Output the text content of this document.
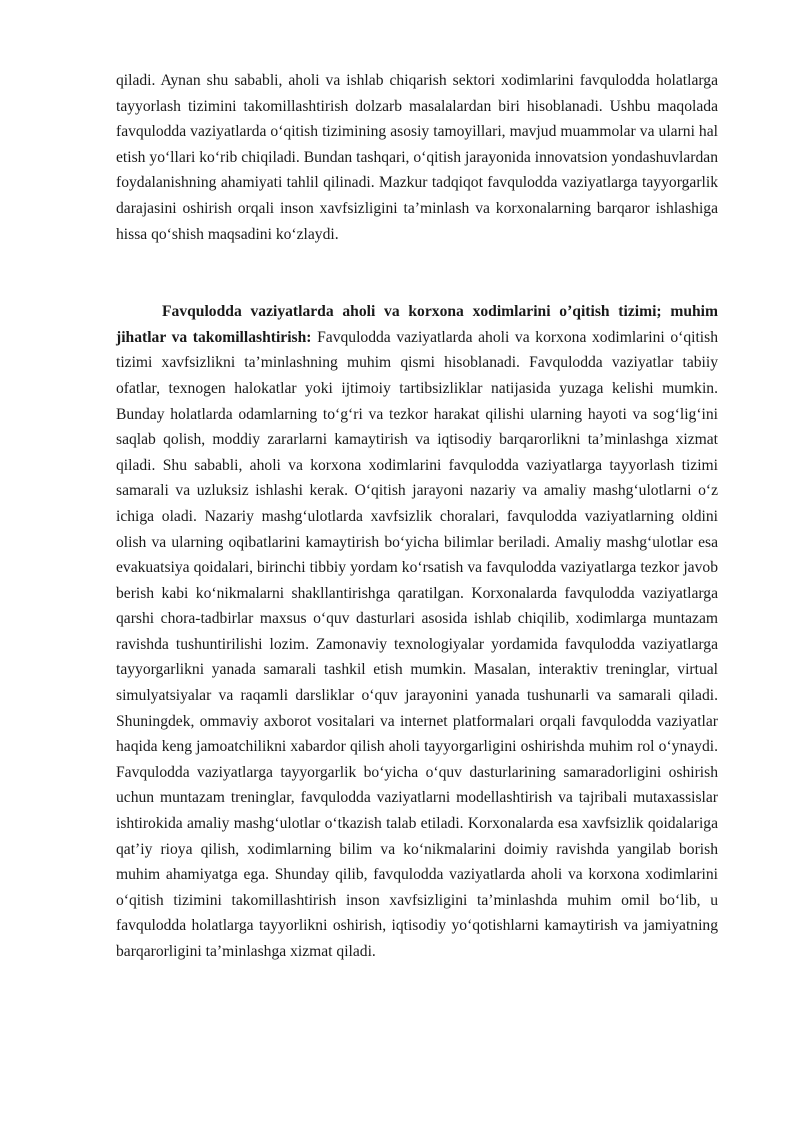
qiladi. Aynan shu sababli, aholi va ishlab chiqarish sektori xodimlarini favqulodda holatlarga tayyorlash tizimini takomillashtirish dolzarb masalalardan biri hisoblanadi. Ushbu maqolada favqulodda vaziyatlarda o‘qitish tizimining asosiy tamoyillari, mavjud muammolar va ularni hal etish yo‘llari ko‘rib chiqiladi. Bundan tashqari, o‘qitish jarayonida innovatsion yondashuvlardan foydalanishning ahamiyati tahlil qilinadi. Mazkur tadqiqot favqulodda vaziyatlarga tayyorgarlik darajasini oshirish orqali inson xavfsizligini ta’minlash va korxonalarning barqaror ishlashiga hissa qo‘shish maqsadini ko‘zlaydi.

Favqulodda vaziyatlarda aholi va korxona xodimlarini o’qitish tizimi; muhim jihatlar va takomillashtirish: Favqulodda vaziyatlarda aholi va korxona xodimlarini o‘qitish tizimi xavfsizlikni ta’minlashning muhim qismi hisoblanadi. Favqulodda vaziyatlar tabiiy ofatlar, texnogen halokatlar yoki ijtimoiy tartibsizliklar natijasida yuzaga kelishi mumkin. Bunday holatlarda odamlarning to‘g‘ri va tezkor harakat qilishi ularning hayoti va sog‘lig‘ini saqlab qolish, moddiy zararlarni kamaytirish va iqtisodiy barqarorlikni ta’minlashga xizmat qiladi. Shu sababli, aholi va korxona xodimlarini favqulodda vaziyatlarga tayyorlash tizimi samarali va uzluksiz ishlashi kerak. O‘qitish jarayoni nazariy va amaliy mashg‘ulotlarni o‘z ichiga oladi. Nazariy mashg‘ulotlarda xavfsizlik choralari, favqulodda vaziyatlarning oldini olish va ularning oqibatlarini kamaytirish bo‘yicha bilimlar beriladi. Amaliy mashg‘ulotlar esa evakuatsiya qoidalari, birinchi tibbiy yordam ko‘rsatish va favqulodda vaziyatlarga tezkor javob berish kabi ko‘nikmalarni shakllantirishga qaratilgan. Korxonalarda favqulodda vaziyatlarga qarshi chora-tadbirlar maxsus o‘quv dasturlari asosida ishlab chiqilib, xodimlarga muntazam ravishda tushuntirilishi lozim. Zamonaviy texnologiyalar yordamida favqulodda vaziyatlarga tayyorgarlikni yanada samarali tashkil etish mumkin. Masalan, interaktiv treninglar, virtual simulyatsiyalar va raqamli darsliklar o‘quv jarayonini yanada tushunarli va samarali qiladi. Shuningdek, ommaviy axborot vositalari va internet platformalari orqali favqulodda vaziyatlar haqida keng jamoatchilikni xabardor qilish aholi tayyorgarligini oshirishda muhim rol o‘ynaydi. Favqulodda vaziyatlarga tayyorgarlik bo‘yicha o‘quv dasturlarining samaradorligini oshirish uchun muntazam treninglar, favqulodda vaziyatlarni modellashtirish va tajribali mutaxassislar ishtirokida amaliy mashg‘ulotlar o‘tkazish talab etiladi. Korxonalarda esa xavfsizlik qoidalariga qat’iy rioya qilish, xodimlarning bilim va ko‘nikmalarini doimiy ravishda yangilab borish muhim ahamiyatga ega. Shunday qilib, favqulodda vaziyatlarda aholi va korxona xodimlarini o‘qitish tizimini takomillashtirish inson xavfsizligini ta’minlashda muhim omil bo‘lib, u favqulodda holatlarga tayyorlikni oshirish, iqtisodiy yo‘qotishlarni kamaytirish va jamiyatning barqarorligini ta’minlashga xizmat qiladi.
